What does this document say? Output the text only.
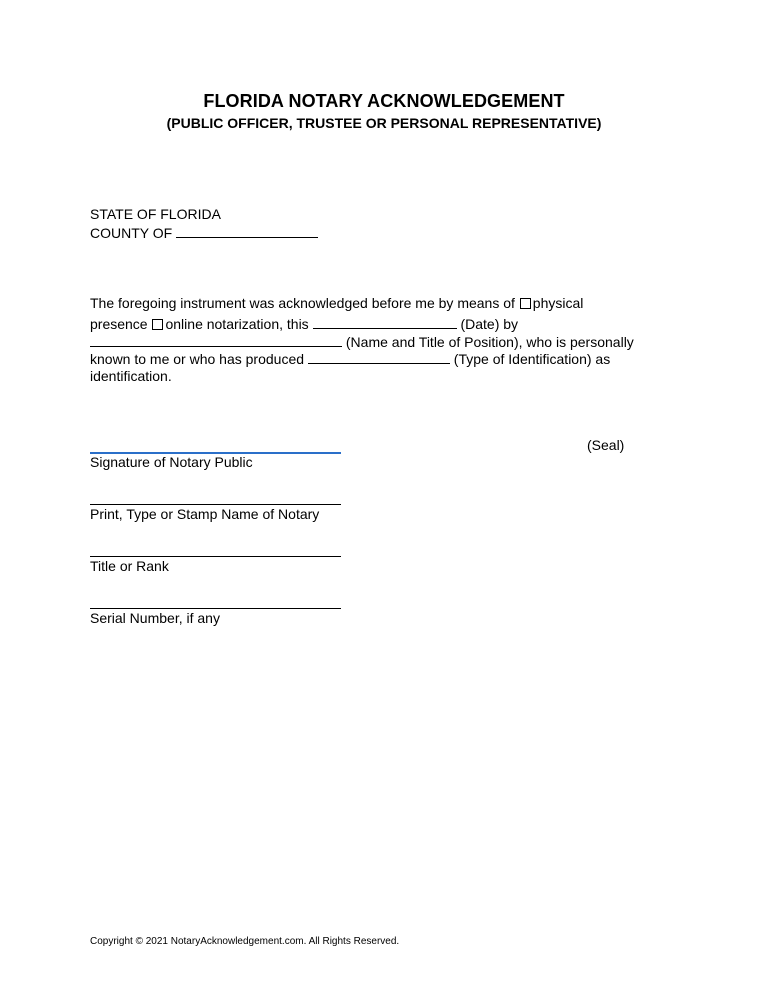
FLORIDA NOTARY ACKNOWLEDGEMENT
(PUBLIC OFFICER, TRUSTEE OR PERSONAL REPRESENTATIVE)
STATE OF FLORIDA
COUNTY OF
The foregoing instrument was acknowledged before me by means of physical
presence online notarization, this	(Date) by
(Name and Title of Position), who is personally
known to me or who has produced	(Type of Identification) as
identification.
(Seal)
Signature of Notary Public
Print, Type or Stamp Name of Notary
Title or Rank
Serial Number, if any
Copyright © 2021 NotaryAcknowledgement.com. All Rights Reserved.
